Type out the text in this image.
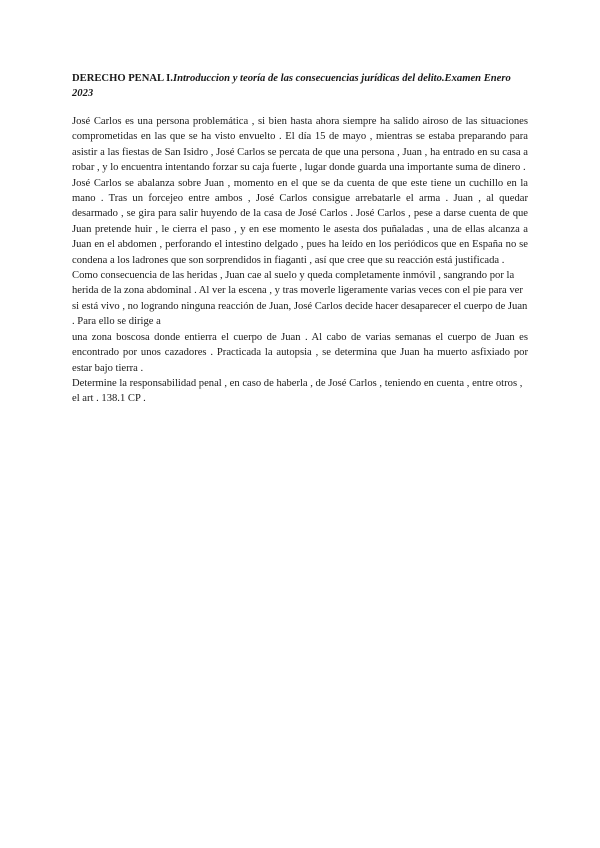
DERECHO PENAL I.Introduccion y teoría de las consecuencias jurídicas del delito.Examen Enero 2023

José Carlos es una persona problemática , si bien hasta ahora siempre ha salido airoso de las situaciones comprometidas en las que se ha visto envuelto . El día 15 de mayo , mientras se estaba preparando para asistir a las fiestas de San Isidro , José Carlos se percata de que una persona , Juan , ha entrado en su casa a robar , y lo encuentra intentando forzar su caja fuerte , lugar donde guarda una importante suma de dinero .

José Carlos se abalanza sobre Juan , momento en el que se da cuenta de que este tiene un cuchillo en la mano . Tras un forcejeo entre ambos , José Carlos consigue arrebatarle el arma . Juan , al quedar desarmado , se gira para salir huyendo de la casa de José Carlos . José Carlos , pese a darse cuenta de que Juan pretende huir , le cierra el paso , y en ese momento le asesta dos puñaladas , una de ellas alcanza a Juan en el abdomen , perforando el intestino delgado , pues ha leído en los periódicos que en España no se condena a los ladrones que son sorprendidos in fiaganti , así que cree que su reacción está justificada .

Como consecuencia de las heridas , Juan cae al suelo y queda completamente inmóvil , sangrando por la herida de la zona abdominal . Al ver la escena , y tras moverle ligeramente varias veces con el pie para ver si está vivo , no logrando ninguna reacción de Juan, José Carlos decide hacer desaparecer el cuerpo de Juan . Para ello se dirige a

una zona boscosa donde entierra el cuerpo de Juan . Al cabo de varias semanas el cuerpo de Juan es encontrado por unos cazadores . Practicada la autopsia , se determina que Juan ha muerto asfixiado por estar bajo tierra .

Determine la responsabilidad penal , en caso de haberla , de José Carlos , teniendo en cuenta , entre otros , el art . 138.1 CP .
